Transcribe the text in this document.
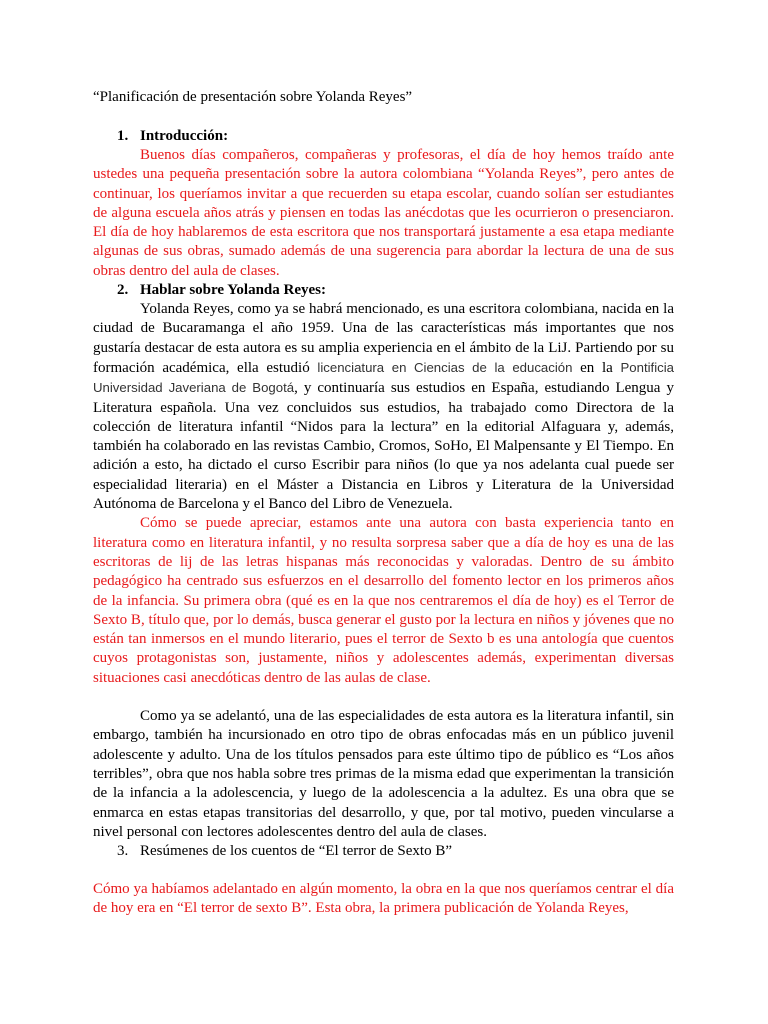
“Planificación de presentación sobre Yolanda Reyes”

1. Introducción:

Buenos días compañeros, compañeras y profesoras, el día de hoy hemos traído ante ustedes una pequeña presentación sobre la autora colombiana “Yolanda Reyes”, pero antes de continuar, los queríamos invitar a que recuerden su etapa escolar, cuando solían ser estudiantes de alguna escuela años atrás y piensen en todas las anécdotas que les ocurrieron o presenciaron. El día de hoy hablaremos de esta escritora que nos transportará justamente a esa etapa mediante algunas de sus obras, sumado además de una sugerencia para abordar la lectura de una de sus obras dentro del aula de clases.

2. Hablar sobre Yolanda Reyes:

Yolanda Reyes, como ya se habrá mencionado, es una escritora colombiana, nacida en la ciudad de Bucaramanga el año 1959. Una de las características más importantes que nos gustaría destacar de esta autora es su amplia experiencia en el ámbito de la LiJ. Partiendo por su formación académica, ella estudió licenciatura en Ciencias de la educación en la Pontificia Universidad Javeriana de Bogotá, y continuaría sus estudios en España, estudiando Lengua y Literatura española. Una vez concluidos sus estudios, ha trabajado como Directora de la colección de literatura infantil “Nidos para la lectura” en la editorial Alfaguara y, además, también ha colaborado en las revistas Cambio, Cromos, SoHo, El Malpensante y El Tiempo. En adición a esto, ha dictado el curso Escribir para niños (lo que ya nos adelanta cual puede ser especialidad literaria) en el Máster a Distancia en Libros y Literatura de la Universidad Autónoma de Barcelona y el Banco del Libro de Venezuela.

Cómo se puede apreciar, estamos ante una autora con basta experiencia tanto en literatura como en literatura infantil, y no resulta sorpresa saber que a día de hoy es una de las escritoras de lij de las letras hispanas más reconocidas y valoradas. Dentro de su ámbito pedagógico ha centrado sus esfuerzos en el desarrollo del fomento lector en los primeros años de la infancia. Su primera obra (qué es en la que nos centraremos el día de hoy) es el Terror de Sexto B, título que, por lo demás, busca generar el gusto por la lectura en niños y jóvenes que no están tan inmersos en el mundo literario, pues el terror de Sexto b es una antología que cuentos cuyos protagonistas son, justamente, niños y adolescentes además, experimentan diversas situaciones casi anecdóticas dentro de las aulas de clase.

Como ya se adelantó, una de las especialidades de esta autora es la literatura infantil, sin embargo, también ha incursionado en otro tipo de obras enfocadas más en un público juvenil adolescente y adulto. Una de los títulos pensados para este último tipo de público es “Los años terribles”, obra que nos habla sobre tres primas de la misma edad que experimentan la transición de la infancia a la adolescencia, y luego de la adolescencia a la adultez. Es una obra que se enmarca en estas etapas transitorias del desarrollo, y que, por tal motivo, pueden vincularse a nivel personal con lectores adolescentes dentro del aula de clases.

3. Resúmenes de los cuentos de “El terror de Sexto B”

Cómo ya habíamos adelantado en algún momento, la obra en la que nos queríamos centrar el día de hoy era en “El terror de sexto B”. Esta obra, la primera publicación de Yolanda Reyes,
